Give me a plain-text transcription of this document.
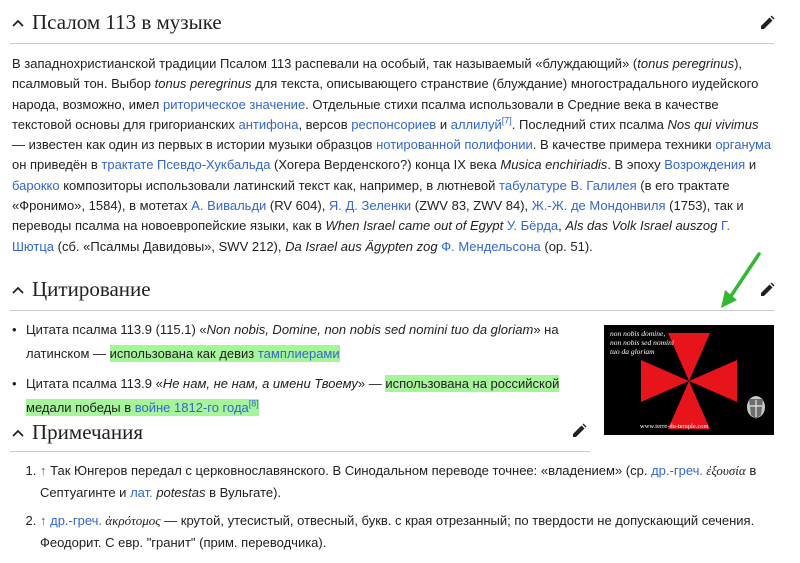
Псалом 113 в музыке

В западнохристианской традиции Псалом 113 распевали на особый, так называемый «блуждающий» (tonus peregrinus), псалмовый тон. Выбор tonus peregrinus для текста, описывающего странствие (блуждание) многострадального иудейского народа, возможно, имел риторическое значение. Отдельные стихи псалма использовали в Средние века в качестве текстовой основы для григорианских антифона, версов респонсориев и аллилуй[7]. Последний стих псалма Nos qui vivimus — известен как один из первых в истории музыки образцов нотированной полифонии. В качестве примера техники органума он приведён в трактате Псевдо-Хукбальда (Хогера Верденского?) конца IX века Musica enchiriadis. В эпоху Возрождения и барокко композиторы использовали латинский текст как, например, в лютневой табулатуре В. Галилея (в его трактате «Фронимо», 1584), в мотетах А. Вивальди (RV 604), Я. Д. Зеленки (ZWV 83, ZWV 84), Ж.-Ж. де Мондонвиля (1753), так и переводы псалма на новоевропейские языки, как в When Israel came out of Egypt У. Бёрда, Als das Volk Israel auszog Г. Шютца (сб. «Псалмы Давидовы», SWV 212), Da Israel aus Ägypten zog Ф. Мендельсона (op. 51).

Цитирование
• Цитата псалма 113.9 (115.1) «Non nobis, Domine, non nobis sed nomini tuo da gloriam» на латинском — использована как девиз тамплиерами
• Цитата псалма 113.9 «Не нам, не нам, а имени Твоему» — использована на российской медали победы в войне 1812-го года[8]
non nobis domine,
non nobis sed nomini
tuo da gloriam
www.terre-du-temple.com
Примечания
1. ↑ Так Юнгеров передал с церковнославянского. В Синодальном переводе точнее: «владением» (ср. др.-греч. ἐξουσία в Септуагинте и лат. potestas в Вульгате).
2. ↑ др.-греч. ἀκρότομος — крутой, утесистый, отвесный, букв. с края отрезанный; по твердости не допускающий сечения. Феодорит. С евр. "гранит" (прим. переводчика).
